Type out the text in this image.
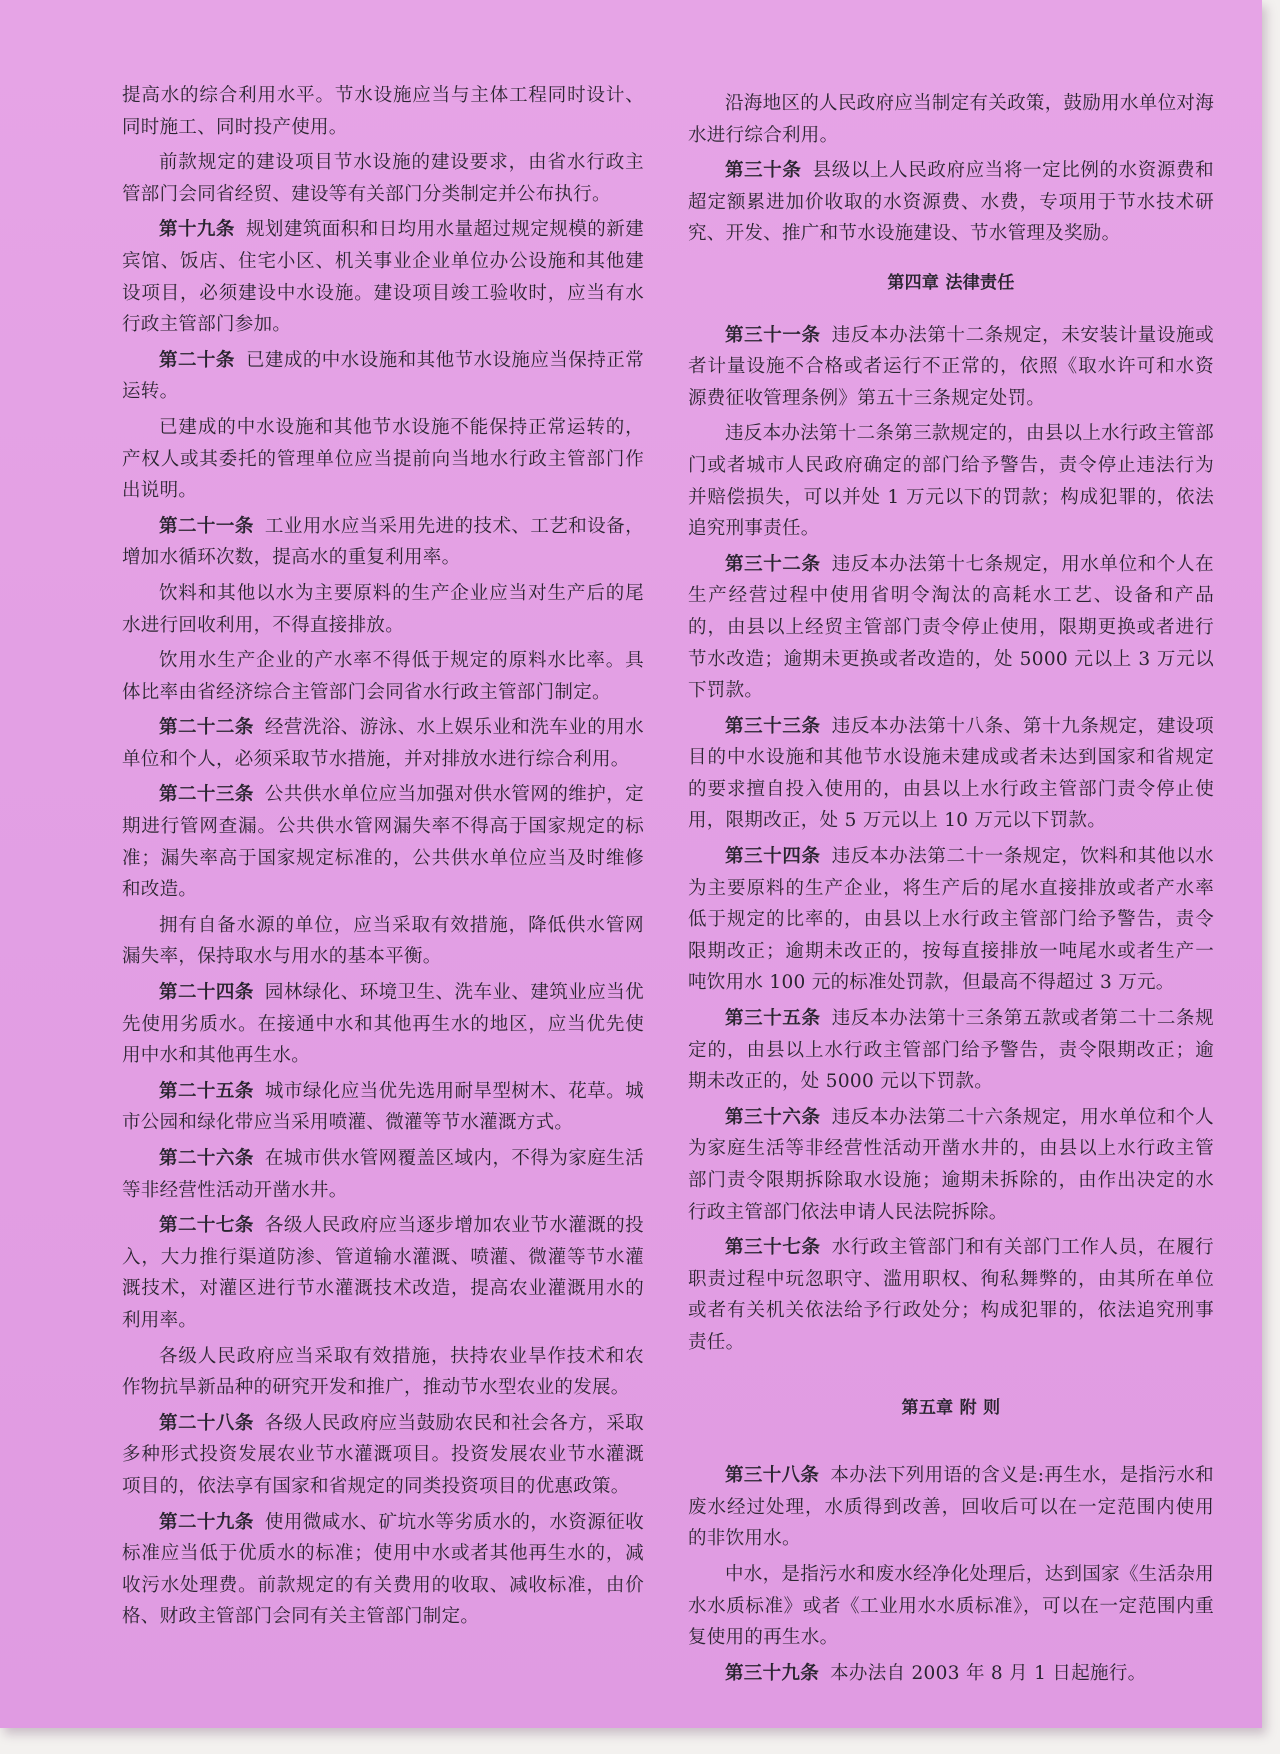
提高水的综合利用水平。节水设施应当与主体工程同时设计、同时施工、同时投产使用。

前款规定的建设项目节水设施的建设要求，由省水行政主管部门会同省经贸、建设等有关部门分类制定并公布执行。

第十九条 规划建筑面积和日均用水量超过规定规模的新建宾馆、饭店、住宅小区、机关事业企业单位办公设施和其他建设项目，必须建设中水设施。建设项目竣工验收时，应当有水行政主管部门参加。

第二十条 已建成的中水设施和其他节水设施应当保持正常运转。

已建成的中水设施和其他节水设施不能保持正常运转的，产权人或其委托的管理单位应当提前向当地水行政主管部门作出说明。

第二十一条 工业用水应当采用先进的技术、工艺和设备，增加水循环次数，提高水的重复利用率。

饮料和其他以水为主要原料的生产企业应当对生产后的尾水进行回收利用，不得直接排放。

饮用水生产企业的产水率不得低于规定的原料水比率。具体比率由省经济综合主管部门会同省水行政主管部门制定。

第二十二条 经营洗浴、游泳、水上娱乐业和洗车业的用水单位和个人，必须采取节水措施，并对排放水进行综合利用。

第二十三条 公共供水单位应当加强对供水管网的维护，定期进行管网查漏。公共供水管网漏失率不得高于国家规定的标准；漏失率高于国家规定标准的，公共供水单位应当及时维修和改造。

拥有自备水源的单位，应当采取有效措施，降低供水管网漏失率，保持取水与用水的基本平衡。

第二十四条 园林绿化、环境卫生、洗车业、建筑业应当优先使用劣质水。在接通中水和其他再生水的地区，应当优先使用中水和其他再生水。

第二十五条 城市绿化应当优先选用耐旱型树木、花草。城市公园和绿化带应当采用喷灌、微灌等节水灌溉方式。

第二十六条 在城市供水管网覆盖区域内，不得为家庭生活等非经营性活动开凿水井。

第二十七条 各级人民政府应当逐步增加农业节水灌溉的投入，大力推行渠道防渗、管道输水灌溉、喷灌、微灌等节水灌溉技术，对灌区进行节水灌溉技术改造，提高农业灌溉用水的利用率。

各级人民政府应当采取有效措施，扶持农业旱作技术和农作物抗旱新品种的研究开发和推广，推动节水型农业的发展。

第二十八条 各级人民政府应当鼓励农民和社会各方，采取多种形式投资发展农业节水灌溉项目。投资发展农业节水灌溉项目的，依法享有国家和省规定的同类投资项目的优惠政策。

第二十九条 使用微咸水、矿坑水等劣质水的，水资源征收标准应当低于优质水的标准；使用中水或者其他再生水的，减收污水处理费。前款规定的有关费用的收取、减收标准，由价格、财政主管部门会同有关主管部门制定。

沿海地区的人民政府应当制定有关政策，鼓励用水单位对海水进行综合利用。

第三十条 县级以上人民政府应当将一定比例的水资源费和超定额累进加价收取的水资源费、水费，专项用于节水技术研究、开发、推广和节水设施建设、节水管理及奖励。

第四章 法律责任

第三十一条 违反本办法第十二条规定，未安装计量设施或者计量设施不合格或者运行不正常的，依照《取水许可和水资源费征收管理条例》第五十三条规定处罚。

违反本办法第十二条第三款规定的，由县以上水行政主管部门或者城市人民政府确定的部门给予警告，责令停止违法行为并赔偿损失，可以并处 1 万元以下的罚款；构成犯罪的，依法追究刑事责任。

第三十二条 违反本办法第十七条规定，用水单位和个人在生产经营过程中使用省明令淘汰的高耗水工艺、设备和产品的，由县以上经贸主管部门责令停止使用，限期更换或者进行节水改造；逾期未更换或者改造的，处 5000 元以上 3 万元以下罚款。

第三十三条 违反本办法第十八条、第十九条规定，建设项目的中水设施和其他节水设施未建成或者未达到国家和省规定的要求擅自投入使用的，由县以上水行政主管部门责令停止使用，限期改正，处 5 万元以上 10 万元以下罚款。

第三十四条 违反本办法第二十一条规定，饮料和其他以水为主要原料的生产企业，将生产后的尾水直接排放或者产水率低于规定的比率的，由县以上水行政主管部门给予警告，责令限期改正；逾期未改正的，按每直接排放一吨尾水或者生产一吨饮用水 100 元的标准处罚款，但最高不得超过 3 万元。

第三十五条 违反本办法第十三条第五款或者第二十二条规定的，由县以上水行政主管部门给予警告，责令限期改正；逾期未改正的，处 5000 元以下罚款。

第三十六条 违反本办法第二十六条规定，用水单位和个人为家庭生活等非经营性活动开凿水井的，由县以上水行政主管部门责令限期拆除取水设施；逾期未拆除的，由作出决定的水行政主管部门依法申请人民法院拆除。

第三十七条 水行政主管部门和有关部门工作人员，在履行职责过程中玩忽职守、滥用职权、徇私舞弊的，由其所在单位或者有关机关依法给予行政处分；构成犯罪的，依法追究刑事责任。

第五章 附 则

第三十八条 本办法下列用语的含义是:再生水，是指污水和废水经过处理，水质得到改善，回收后可以在一定范围内使用的非饮用水。

中水，是指污水和废水经净化处理后，达到国家《生活杂用水水质标准》或者《工业用水水质标准》，可以在一定范围内重复使用的再生水。

第三十九条 本办法自 2003 年 8 月 1 日起施行。
